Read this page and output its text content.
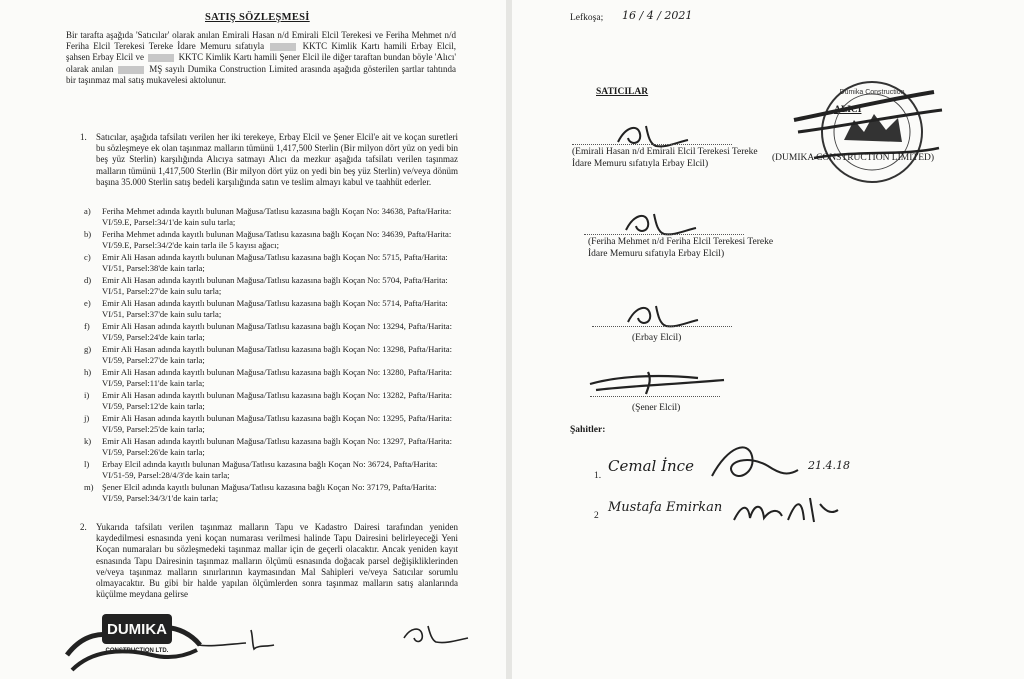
SATIŞ SÖZLEŞMESİ
Bir tarafta aşağıda 'Satıcılar' olarak anılan Emirali Hasan n/d Emirali Elcil Terekesi ve Feriha Mehmet n/d Feriha Elcil Terekesi Tereke İdare Memuru sıfatıyla	KKTC Kimlik Kartı hamili Erbay Elcil, şahsen Erbay Elcil ve	KKTC Kimlik Kartı hamili Şener Elcil ile diğer taraftan bundan böyle 'Alıcı' olarak anılan	MŞ sayılı Dumika Construction Limited arasında aşağıda gösterilen şartlar tahtında bir taşınmaz mal satış mukavelesi aktolunur.
1. Satıcılar, aşağıda tafsilatı verilen her iki terekeye, Erbay Elcil ve Şener Elcil'e ait ve koçan suretleri bu sözleşmeye ek olan taşınmaz malların tümünü 1,417,500 Sterlin (Bir milyon dört yüz on yedi bin beş yüz Sterlin) karşılığında Alıcıya satmayı Alıcı da mezkur aşağıda tafsilatı verilen taşınmaz malların tümünü 1,417,500 Sterlin (Bir milyon dört yüz on yedi bin beş yüz Sterlin) ve/veya dönüm başına 35.000 Sterlin satış bedeli karşılığında satın ve teslim almayı kabul ve taahhüt ederler.
a) Feriha Mehmet adında kayıtlı bulunan Mağusa/Tatlısu kazasına bağlı Koçan No: 34638, Pafta/Harita: VI/59.E, Parsel:34/1'de kain sulu tarla;
b) Feriha Mehmet adında kayıtlı bulunan Mağusa/Tatlısu kazasına bağlı Koçan No: 34639, Pafta/Harita: VI/59.E, Parsel:34/2'de kain tarla ile 5 kayısı ağacı;
c) Emir Ali Hasan adında kayıtlı bulunan Mağusa/Tatlısu kazasına bağlı Koçan No: 5715, Pafta/Harita: VI/51, Parsel:38'de kain tarla;
d) Emir Ali Hasan adında kayıtlı bulunan Mağusa/Tatlısu kazasına bağlı Koçan No: 5704, Pafta/Harita: VI/51, Parsel:27'de kain sulu tarla;
e) Emir Ali Hasan adında kayıtlı bulunan Mağusa/Tatlısu kazasına bağlı Koçan No: 5714, Pafta/Harita: VI/51, Parsel:37'de kain sulu tarla;
f) Emir Ali Hasan adında kayıtlı bulunan Mağusa/Tatlısu kazasına bağlı Koçan No: 13294, Pafta/Harita: VI/59, Parsel:24'de kain tarla;
g) Emir Ali Hasan adında kayıtlı bulunan Mağusa/Tatlısu kazasına bağlı Koçan No: 13298, Pafta/Harita: VI/59, Parsel:27'de kain tarla;
h) Emir Ali Hasan adında kayıtlı bulunan Mağusa/Tatlısu kazasına bağlı Koçan No: 13280, Pafta/Harita: VI/59, Parsel:11'de kain tarla;
i) Emir Ali Hasan adında kayıtlı bulunan Mağusa/Tatlısu kazasına bağlı Koçan No: 13282, Pafta/Harita: VI/59, Parsel:12'de kain tarla;
j) Emir Ali Hasan adında kayıtlı bulunan Mağusa/Tatlısu kazasına bağlı Koçan No: 13295, Pafta/Harita: VI/59, Parsel:25'de kain tarla;
k) Emir Ali Hasan adında kayıtlı bulunan Mağusa/Tatlısu kazasına bağlı Koçan No: 13297, Pafta/Harita: VI/59, Parsel:26'de kain tarla;
l) Erbay Elcil adında kayıtlı bulunan Mağusa/Tatlısu kazasına bağlı Koçan No: 36724, Pafta/Harita: VI/51-59, Parsel:28/4/3'de kain tarla;
m) Şener Elcil adında kayıtlı bulunan Mağusa/Tatlısu kazasına bağlı Koçan No: 37179, Pafta/Harita: VI/59, Parsel:34/3/1'de kain tarla;
2. Yukarıda tafsilatı verilen taşınmaz malların Tapu ve Kadastro Dairesi tarafından yeniden kaydedilmesi esnasında yeni koçan numarası verilmesi halinde Tapu Dairesini belirleyeceği Yeni Koçan numaraları bu sözleşmedeki taşınmaz mallar için de geçerli olacaktır. Ancak yeniden kayıt esnasında Tapu Dairesinin taşınmaz malların ölçümü esnasında doğacak parsel değişikliklerinden ve/veya taşınmaz malların sınırlarının kaymasından Mal Sahipleri ve/veya Satıcılar sorumlu olmayacaktır. Bu gibi bir halde yapılan ölçümlerden sonra taşınmaz malların satış alanlarında küçülme meydana gelirse
DUMIKA
CONSTRUCTION LTD.
Lefkoşa; 16 / 4 / 2021
SATICILAR
ALICI
Dumika Construction
(DUMIKA CONSTRUCTION LIMITED)
(Emirali Hasan n/d Emirali Elcil Terekesi Tereke İdare Memuru sıfatıyla Erbay Elcil)
(Feriha Mehmet n/d Feriha Elcil Terekesi Tereke İdare Memuru sıfatıyla Erbay Elcil)
(Erbay Elcil)
(Şener Elcil)
Şahitler:
1.
Cemal İnce	21.4.18
2
Mustafa Emirkan
